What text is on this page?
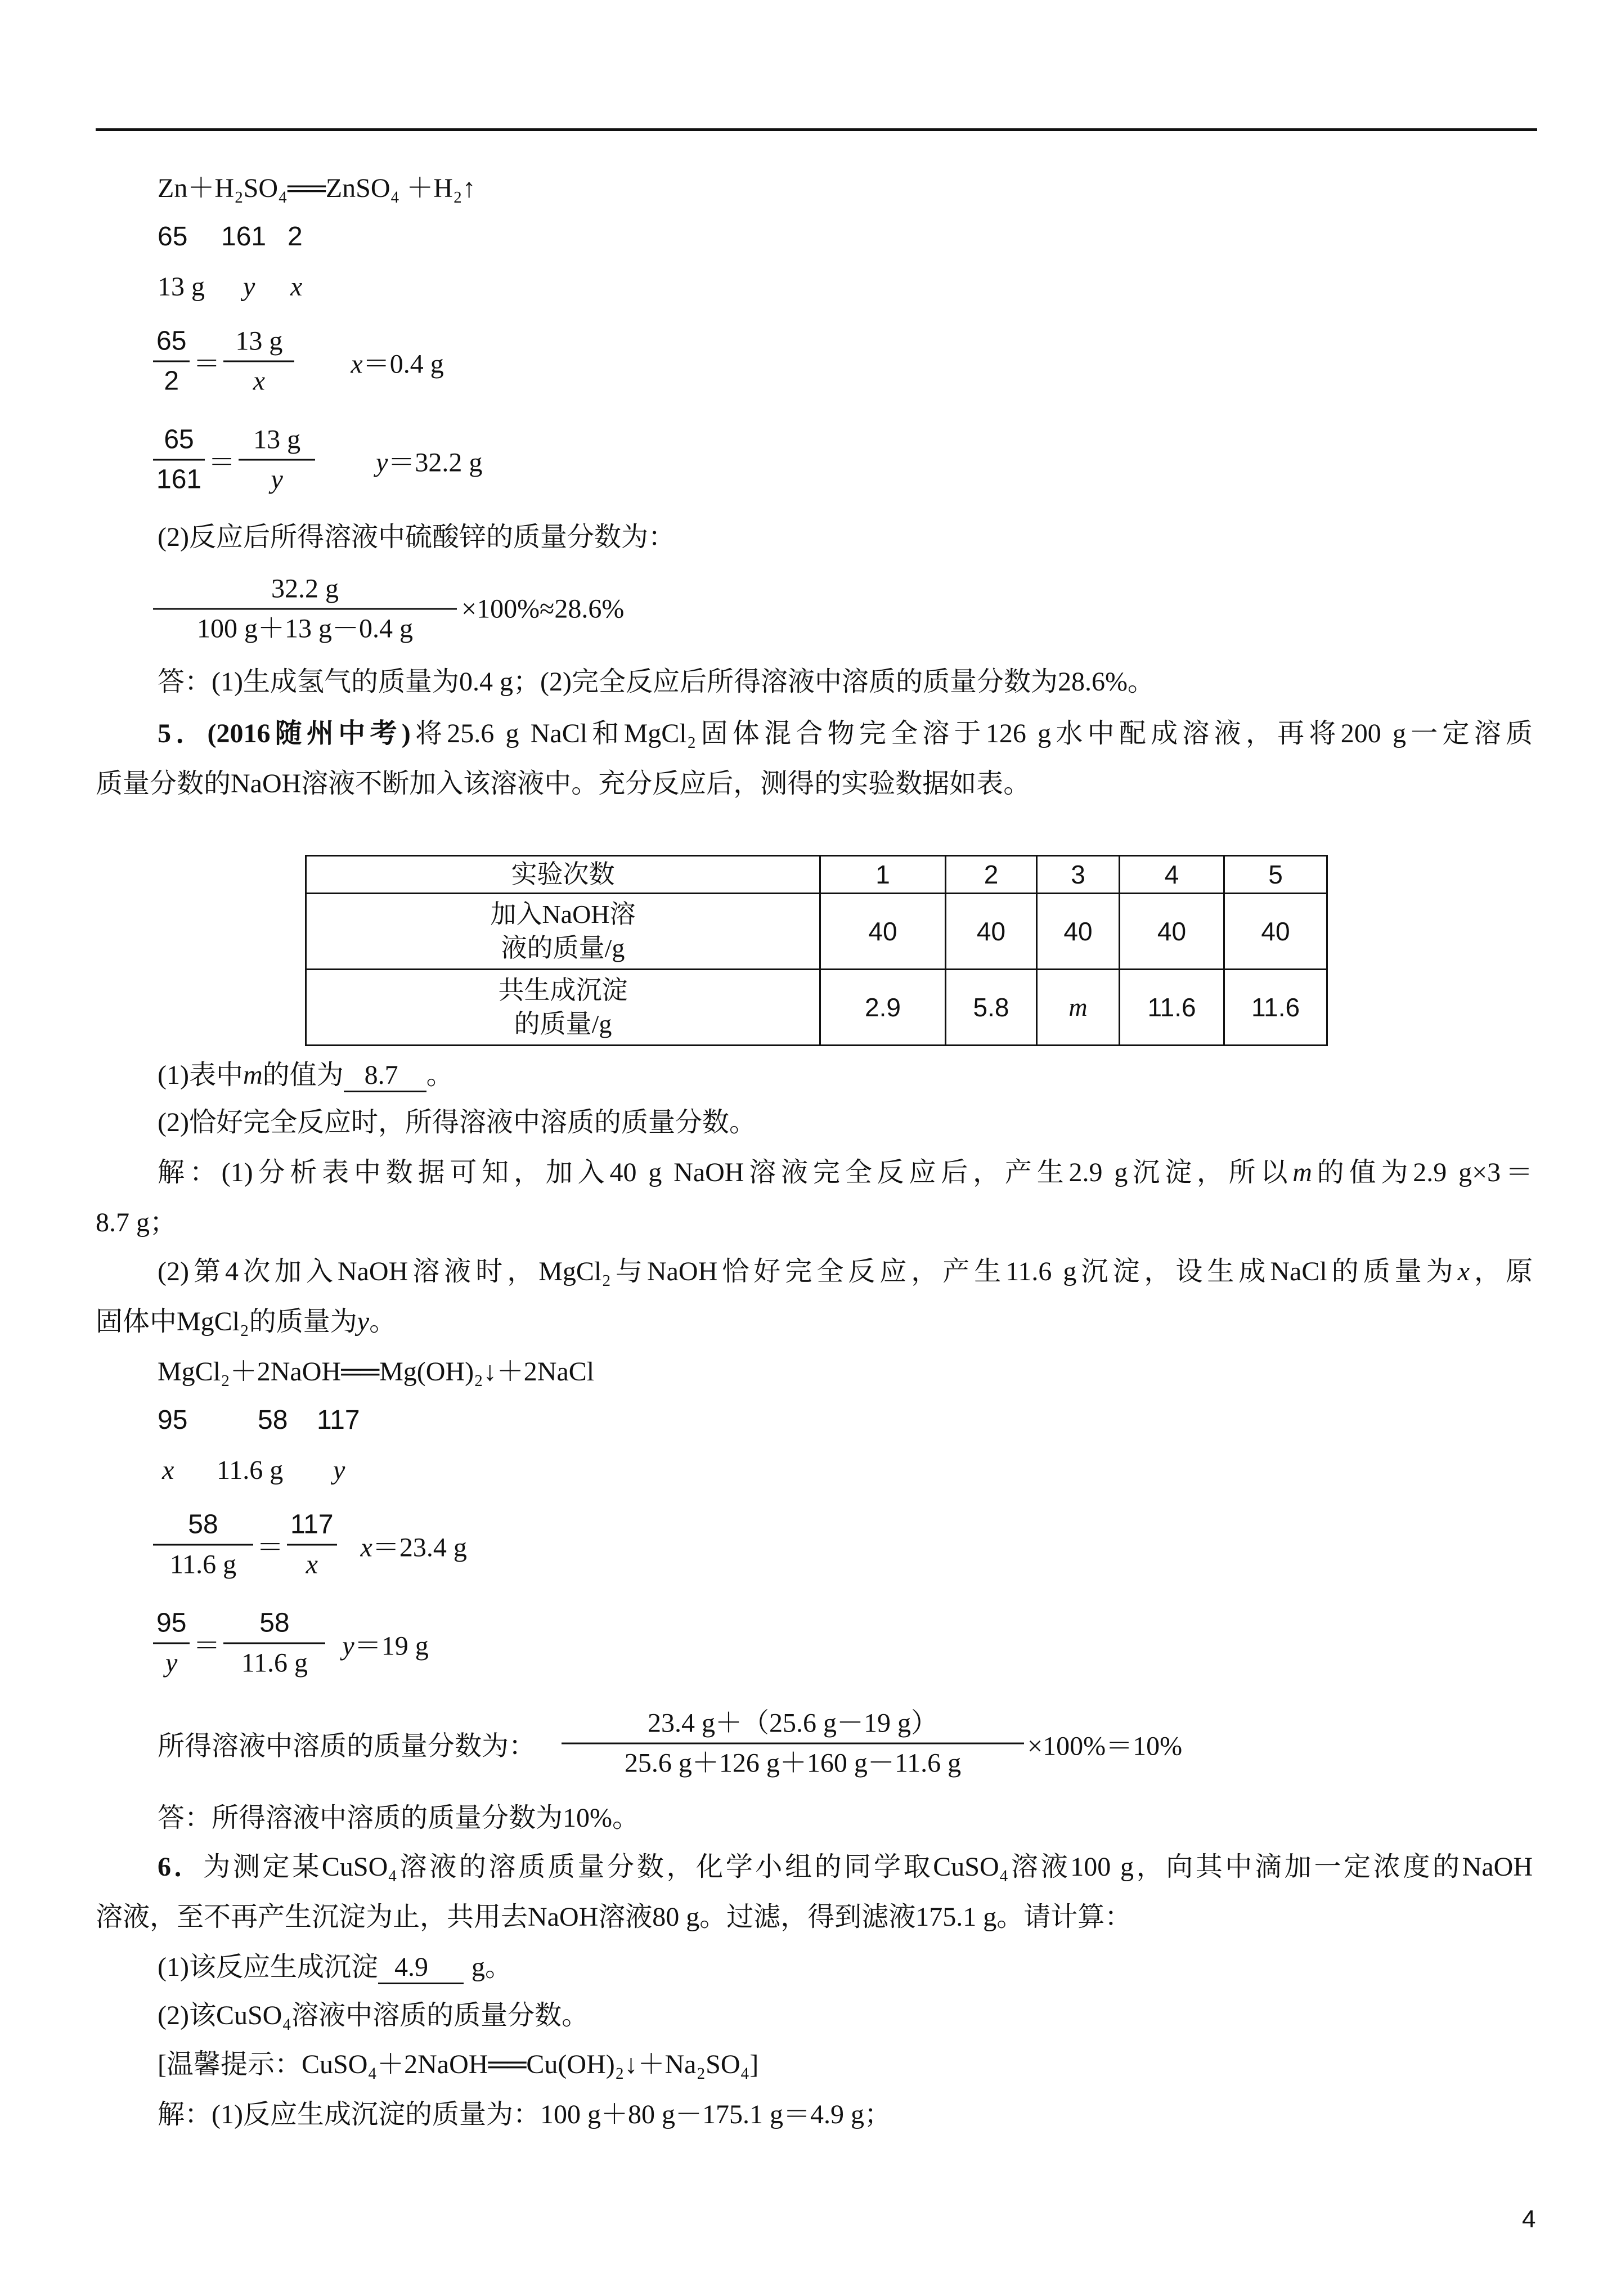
Zn＋H₂SO₄══ZnSO₄ ＋H₂↑
65 161 2
13 g y x
$\frac{65}{2} = \frac{13 g}{x} x=0.4$ g
$\frac{65}{161} = \frac{13 g}{y} y=32.2$ g
(2)反应后所得溶液中硫酸锌的质量分数为：
$\frac{32.2 g}{100 g+13 g-0.4 g} \times 100\%\approx 28.6\%$
答：(1)生成氢气的质量为0.4 g；(2)完全反应后所得溶液中溶质的质量分数为28.6%。
5．(2016随州中考)将25.6 g NaCl和MgCl₂固体混合物完全溶于126 g水中配成溶液，再将200 g一定溶质
质量分数的NaOH溶液不断加入该溶液中。充分反应后，测得的实验数据如表。
实验次数	1	2	3	4	5

加入NaOH溶
液的质量/g	40	40	40	40	40

共生成沉淀
的质量/g	2.9	5.8	m	11.6	11.6
(1)表中m的值为 8.7 。
(2)恰好完全反应时，所得溶液中溶质的质量分数。
解：(1)分析表中数据可知，加入40 g NaOH溶液完全反应后，产生2.9 g沉淀，所以m的值为2.9 g×3＝
8.7 g；
(2)第4次加入NaOH溶液时，MgCl₂与NaOH恰好完全反应，产生11.6 g沉淀，设生成NaCl的质量为x，原
固体中MgCl₂的质量为y。
MgCl₂＋2NaOH══Mg(OH)₂↓＋2NaCl
95	58 117
x 11.6 g y
$\frac{58}{11.6 g} = \frac{117}{x} x=23.4$ g
$\frac{95}{y} = \frac{58}{11.6 g} y=19$ g
所得溶液中溶质的质量分数为： $\frac{23.4 g+(25.6 g-19 g)}{25.6 g+126 g+160 g-11.6 g} \times 100\%=10\%$
答：所得溶液中溶质的质量分数为10%。
6．为测定某CuSO₄溶液的溶质质量分数，化学小组的同学取CuSO₄溶液100 g，向其中滴加一定浓度的NaOH
溶液，至不再产生沉淀为止，共用去NaOH溶液80 g。过滤，得到滤液175.1 g。请计算：
(1)该反应生成沉淀 4.9 g。
(2)该CuSO₄溶液中溶质的质量分数。
[温馨提示：CuSO₄＋2NaOH══Cu(OH)₂↓＋Na₂SO₄]
解：(1)反应生成沉淀的质量为：100 g＋80 g－175.1 g＝4.9 g；
4
